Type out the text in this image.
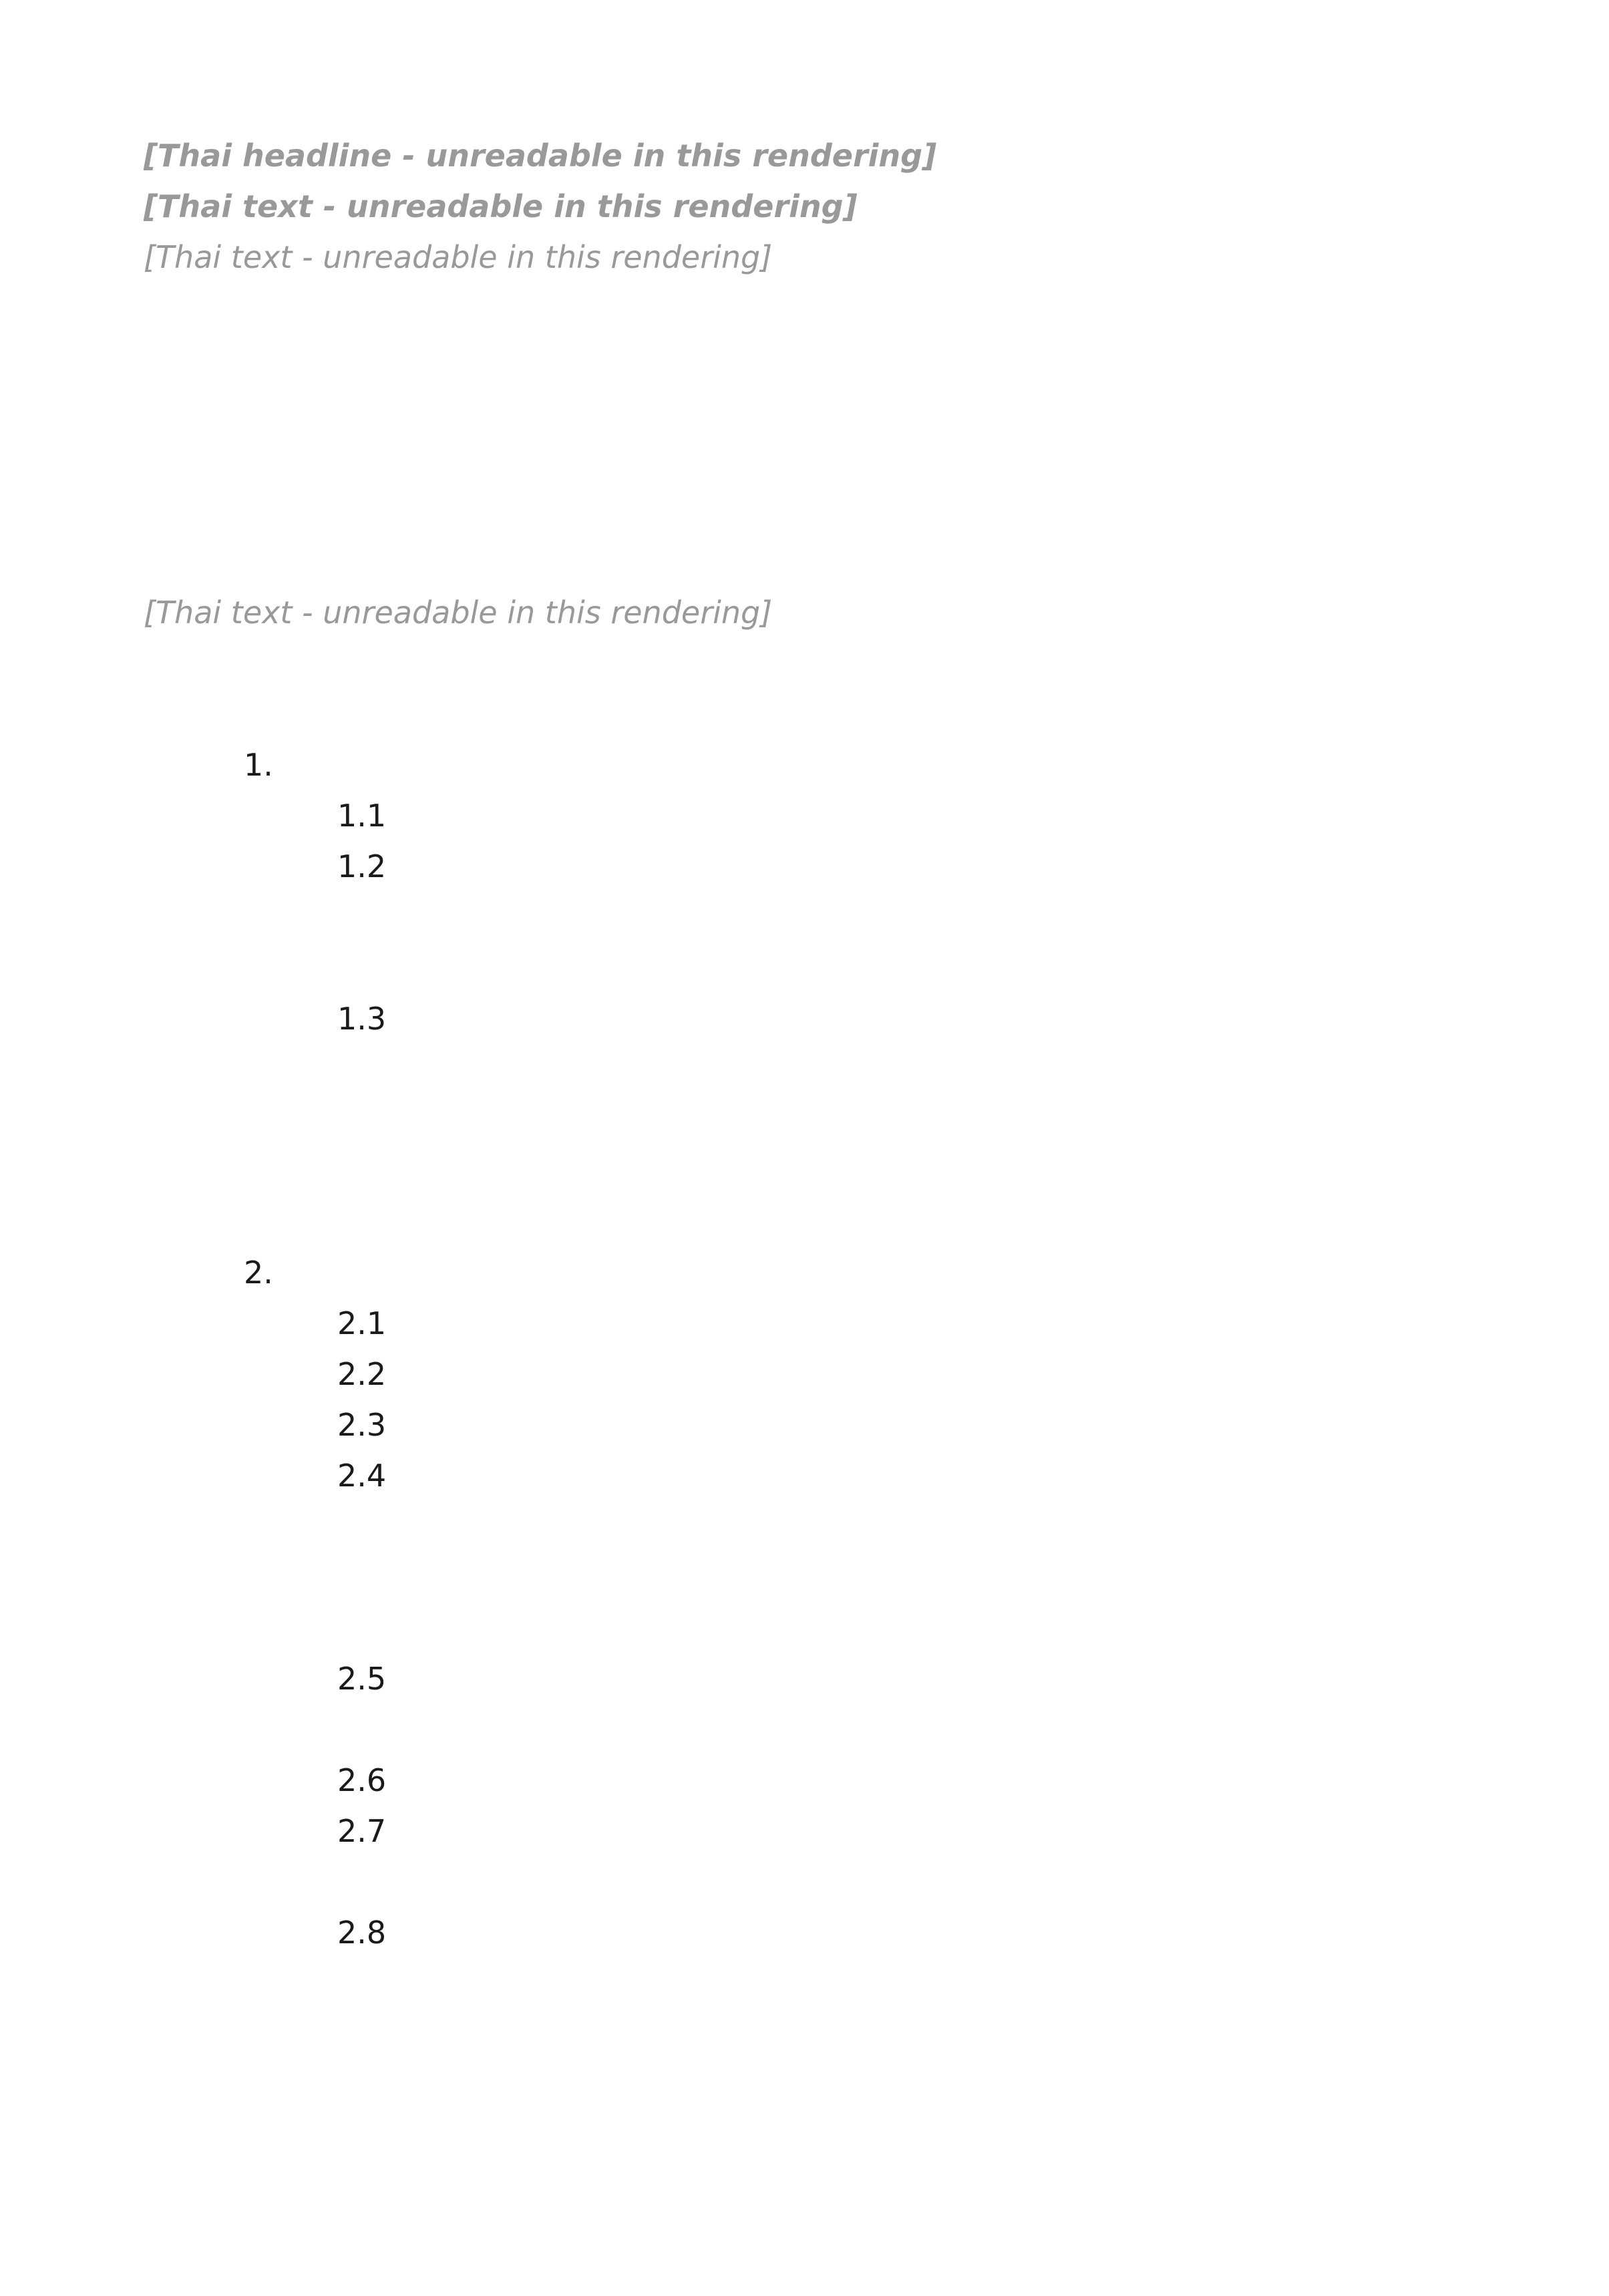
[Thai headline - unreadable in this rendering]
[Thai text - unreadable in this rendering]
[Thai text - unreadable in this rendering]
[Thai text - unreadable in this rendering]
1.
1.1
1.2
1.3
2.
2.1
2.2
2.3
2.4
2.5
2.6
2.7
2.8
